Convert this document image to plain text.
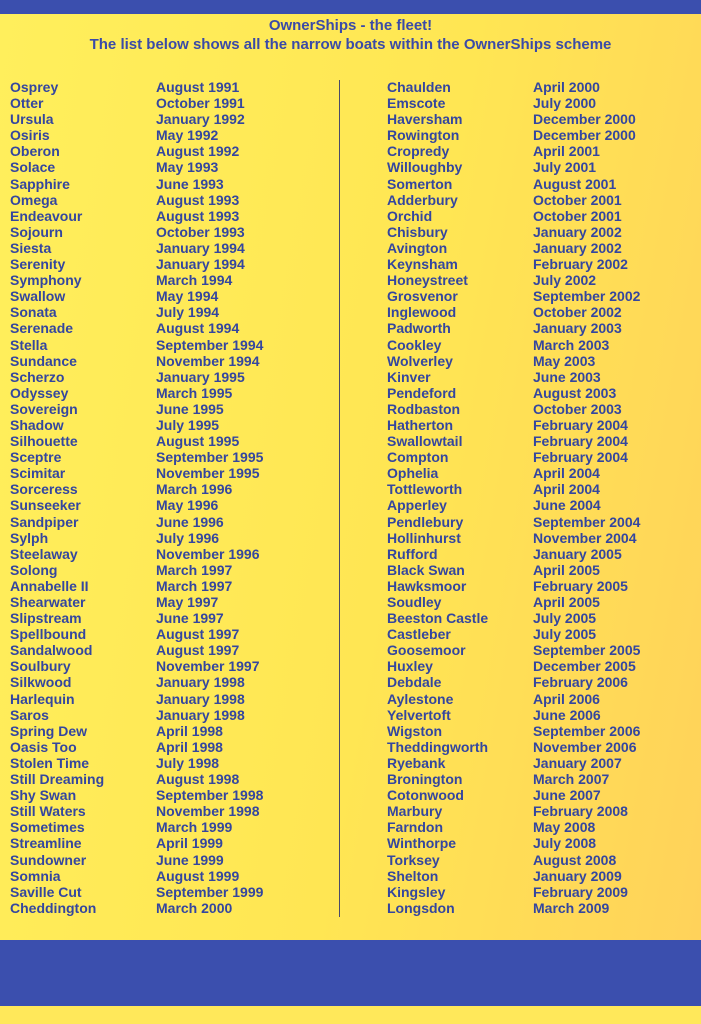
OwnerShips - the fleet!
The list below shows all the narrow boats within the OwnerShips scheme
Osprey	August 1991
Otter	October 1991
Ursula	January 1992
Osiris	May 1992
Oberon	August 1992
Solace	May 1993
Sapphire	June 1993
Omega	August 1993
Endeavour	August 1993
Sojourn	October 1993
Siesta	January 1994
Serenity	January 1994
Symphony	March 1994
Swallow	May 1994
Sonata	July 1994
Serenade	August 1994
Stella	September 1994
Sundance	November 1994
Scherzo	January 1995
Odyssey	March 1995
Sovereign	June 1995
Shadow	July 1995
Silhouette	August 1995
Sceptre	September 1995
Scimitar	November 1995
Sorceress	March 1996
Sunseeker	May 1996
Sandpiper	June 1996
Sylph	July 1996
Steelaway	November 1996
Solong	March 1997
Annabelle II	March 1997
Shearwater	May 1997
Slipstream	June 1997
Spellbound	August 1997
Sandalwood	August 1997
Soulbury	November 1997
Silkwood	January 1998
Harlequin	January 1998
Saros	January 1998
Spring Dew	April 1998
Oasis Too	April 1998
Stolen Time	July 1998
Still Dreaming	August 1998
Shy Swan	September 1998
Still Waters	November 1998
Sometimes	March 1999
Streamline	April 1999
Sundowner	June 1999
Somnia	August 1999
Saville Cut	September 1999
Cheddington	March 2000
Chaulden	April 2000
Emscote	July 2000
Haversham	December 2000
Rowington	December 2000
Cropredy	April 2001
Willoughby	July 2001
Somerton	August 2001
Adderbury	October 2001
Orchid	October 2001
Chisbury	January 2002
Avington	January 2002
Keynsham	February 2002
Honeystreet	July 2002
Grosvenor	September 2002
Inglewood	October 2002
Padworth	January 2003
Cookley	March 2003
Wolverley	May 2003
Kinver	June 2003
Pendeford	August 2003
Rodbaston	October 2003
Hatherton	February 2004
Swallowtail	February 2004
Compton	February 2004
Ophelia	April 2004
Tottleworth	April 2004
Apperley	June 2004
Pendlebury	September 2004
Hollinhurst	November 2004
Rufford	January 2005
Black Swan	April 2005
Hawksmoor	February 2005
Soudley	April 2005
Beeston Castle	July 2005
Castleber	July 2005
Goosemoor	September 2005
Huxley	December 2005
Debdale	February 2006
Aylestone	April 2006
Yelvertoft	June 2006
Wigston	September 2006
Theddingworth	November 2006
Ryebank	January 2007
Bronington	March 2007
Cotonwood	June 2007
Marbury	February 2008
Farndon	May 2008
Winthorpe	July 2008
Torksey	August 2008
Shelton	January 2009
Kingsley	February 2009
Longsdon	March 2009
